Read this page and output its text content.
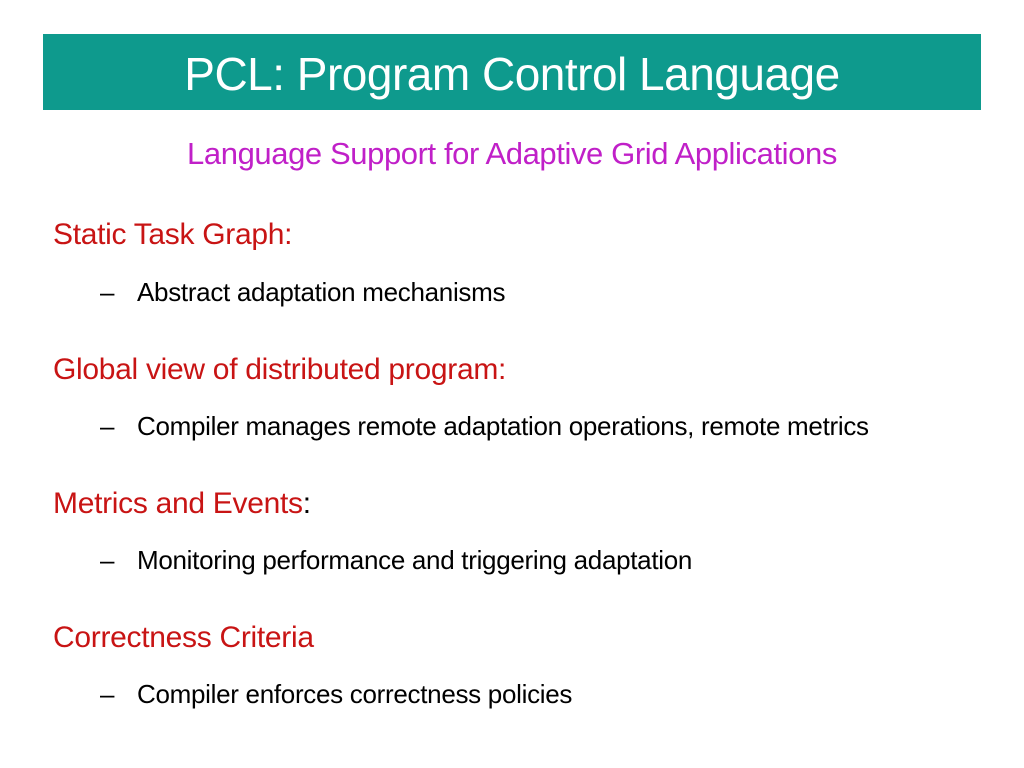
PCL: Program Control Language
Language Support for Adaptive Grid Applications
Static Task Graph:
– Abstract adaptation mechanisms
Global view of distributed program:
– Compiler manages remote adaptation operations, remote metrics
Metrics and Events:
– Monitoring performance and triggering adaptation
Correctness Criteria
– Compiler enforces correctness policies
